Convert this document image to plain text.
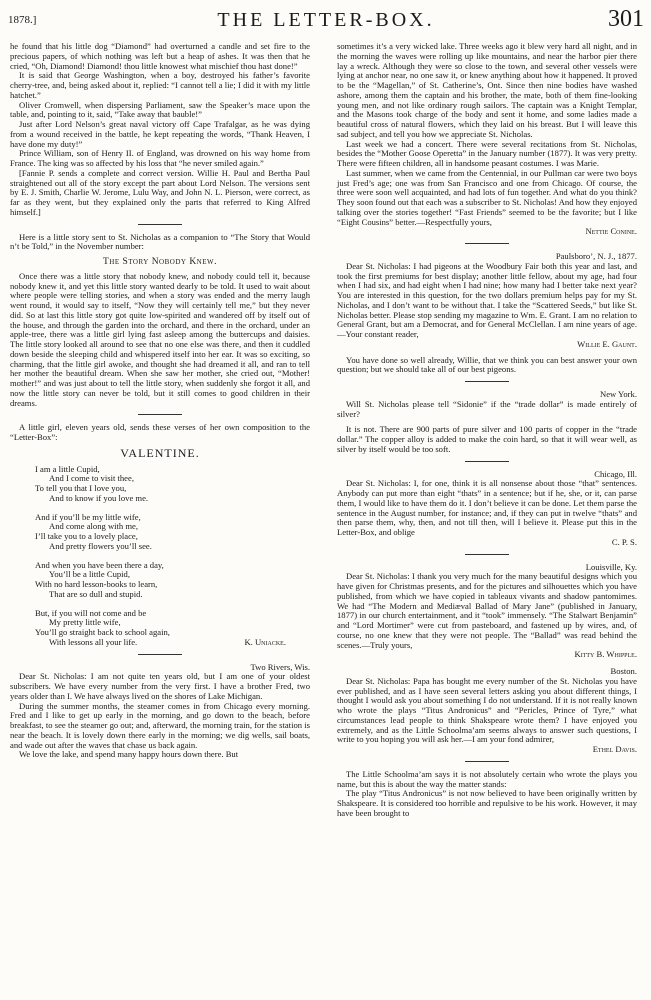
1878.]	THE LETTER-BOX.	301

he found that his little dog “Diamond” had overturned a candle and set fire to the precious papers, of which nothing was left but a heap of ashes. It was then that he cried, “Oh, Diamond! Diamond! thou little knowest what mischief thou hast done!”

It is said that George Washington, when a boy, destroyed his father’s favorite cherry-tree, and, being asked about it, replied: “I cannot tell a lie; I did it with my little hatchet.”

Oliver Cromwell, when dispersing Parliament, saw the Speaker’s mace upon the table, and, pointing to it, said, “Take away that bauble!”

Just after Lord Nelson’s great naval victory off Cape Trafalgar, as he was dying from a wound received in the battle, he kept repeating the words, “Thank Heaven, I have done my duty!”

Prince William, son of Henry II. of England, was drowned on his way home from France. The king was so affected by his loss that “he never smiled again.”

[Fannie P. sends a complete and correct version. Willie H. Paul and Bertha Paul straightened out all of the story except the part about Lord Nelson. The versions sent by E. J. Smith, Charlie W. Jerome, Lulu Way, and John N. L. Pierson, were correct, as far as they went, but they explained only the parts that referred to King Alfred himself.]

Here is a little story sent to St. Nicholas as a companion to “The Story that Would n’t be Told,” in the November number:

The Story Nobody Knew.

Once there was a little story that nobody knew, and nobody could tell it, because nobody knew it, and yet this little story wanted dearly to be told. It used to wait about where people were telling stories, and when a story was ended and the merry laugh went round, it would say to itself, “Now they will certainly tell me,” but they never did. So at last this little story got quite low-spirited and wandered off by itself out of the house, and through the garden into the orchard, and there in the orchard, under an apple-tree, there was a little girl lying fast asleep among the buttercups and daisies. The little story looked all around to see that no one else was there, and then it cuddled down beside the sleeping child and whispered itself into her ear. It was so exciting, so charming, that the little girl awoke, and thought she had dreamed it all, and ran to tell her mother the beautiful dream. When she saw her mother, she cried out, “Mother! mother!” and was just about to tell the little story, when suddenly she forgot it all, and now the little story can never be told, but it still comes to good children in their dreams.

A little girl, eleven years old, sends these verses of her own composition to the “Letter-Box”:

VALENTINE.
I am a little Cupid,
And I come to visit thee,
To tell you that I love you,
And to know if you love me.
And if you’ll be my little wife,
And come along with me,
I’ll take you to a lovely place,
And pretty flowers you’ll see.
And when you have been there a day,
You’ll be a little Cupid,
With no hard lesson-books to learn,
That are so dull and stupid.
But, if you will not come and be
My pretty little wife,
You’ll go straight back to school again,
With lessons all your life.	K. Uniacke.
Two Rivers, Wis.

Dear St. Nicholas: I am not quite ten years old, but I am one of your oldest subscribers. We have every number from the very first. I have a brother Fred, two years older than I. We have always lived on the shores of Lake Michigan.

During the summer months, the steamer comes in from Chicago every morning. Fred and I like to get up early in the morning, and go down to the beach, before breakfast, to see the steamer go out; and, afterward, the morning train, for the station is near the beach. It is lovely down there early in the morning; we dig wells, sail boats, and wade out after the waves that chase us back again.

We love the lake, and spend many happy hours down there. But

sometimes it’s a very wicked lake. Three weeks ago it blew very hard all night, and in the morning the waves were rolling up like mountains, and near the harbor pier there lay a wreck. Although they were so close to the town, and several other vessels were lying at anchor near, no one saw it, or knew anything about how it happened. It proved to be the “Magellan,” of St. Catherine’s, Ont. Since then nine bodies have washed ashore, among them the captain and his brother, the mate, both of them fine-looking young men, and not like ordinary rough sailors. The captain was a Knight Templar, and the Masons took charge of the body and sent it home, and some ladies made a beautiful cross of natural flowers, which they laid on his breast. But I will leave this sad subject, and tell you how we appreciate St. Nicholas.

Last week we had a concert. There were several recitations from St. Nicholas, besides the “Mother Goose Operetta” in the January number (1877). It was very pretty. There were fifteen children, all in handsome peasant costumes. I was Marie.

Last summer, when we came from the Centennial, in our Pullman car were two boys just Fred’s age; one was from San Francisco and one from Chicago. Of course, the three were soon well acquainted, and had lots of fun together. And what do you think? They soon found out that each was a subscriber to St. Nicholas! And how they enjoyed talking over the stories together! “Fast Friends” seemed to be the favorite; but I like “Eight Cousins” better.—Respectfully yours,

Nettie Conine.
Paulsboro’, N. J., 1877.

Dear St. Nicholas: I had pigeons at the Woodbury Fair both this year and last, and took the first premiums for best display; another little fellow, about my age, had four when I had six, and had eight when I had nine; how many had I better take next year? You are interested in this question, for the two dollars premium helps pay for my St. Nicholas, and I don’t want to be without that. I take the “Scattered Seeds,” but like St. Nicholas better. Please stop sending my magazine to Wm. E. Grant. I am no relation to General Grant, but am a Democrat, and for General McClellan. I am nine years of age.—Your constant reader,

Willie E. Gaunt.

You have done so well already, Willie, that we think you can best answer your own question; but we should take all of our best pigeons.

New York.

Will St. Nicholas please tell “Sidonie” if the “trade dollar” is made entirely of silver?

It is not. There are 900 parts of pure silver and 100 parts of copper in the “trade dollar.” The copper alloy is added to make the coin hard, so that it will wear well, as silver by itself would be too soft.

Chicago, Ill.

Dear St. Nicholas: I, for one, think it is all nonsense about those “that” sentences. Anybody can put more than eight “thats” in a sentence; but if he, she, or it, can parse them, I would like to have them do it. I don’t believe it can be done. Let them parse the sentence in the August number, for instance; and, if they can put in twelve “thats” and then parse them, why, then, and not till then, will I believe it. Please put this in the Letter-Box, and oblige

C. P. S.
Louisville, Ky.

Dear St. Nicholas: I thank you very much for the many beautiful designs which you have given for Christmas presents, and for the pictures and silhouettes which you have published, from which we have copied in tableaux vivants and shadow pantomimes. We had “The Modern and Mediæval Ballad of Mary Jane” (published in January, 1877) in our church entertainment, and it “took” immensely. “The Stalwart Benjamin” and “Lord Mortimer” were cut from pasteboard, and fastened up by wires, and, of course, no one knew that they were not people. The “Ballad” was read behind the scenes.—Truly yours,

Kitty B. Whipple.
Boston.

Dear St. Nicholas: Papa has bought me every number of the St. Nicholas you have ever published, and as I have seen several letters asking you about different things, I thought I would ask you about something I do not understand. If it is not really known who wrote the plays “Titus Andronicus” and “Pericles, Prince of Tyre,” what circumstances lead people to think Shakspeare wrote them? I have enjoyed you extremely, and as the Little Schoolma’am seems always to answer such questions, I write to you hoping you will ask her.—I am your fond admirer,

Ethel Davis.

The Little Schoolma’am says it is not absolutely certain who wrote the plays you name, but this is about the way the matter stands:

The play “Titus Andronicus” is not now believed to have been originally written by Shakspeare. It is considered too horrible and repulsive to be his work. However, it may have been brought to
